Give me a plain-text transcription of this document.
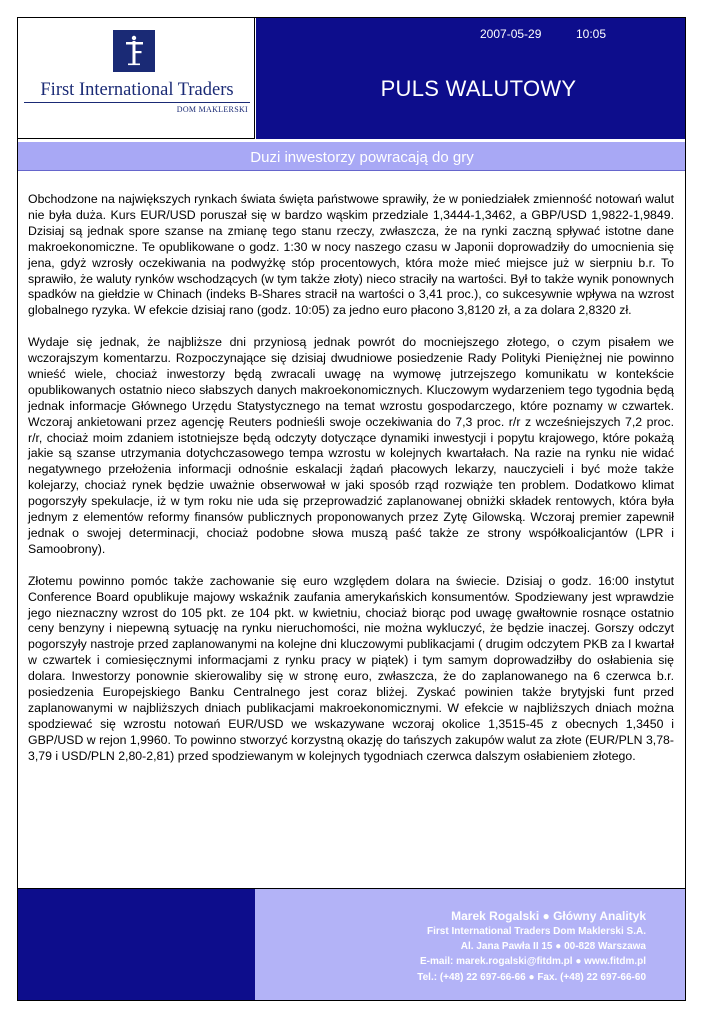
First International Traders
DOM MAKLERSKI
2007-05-29	10:05
PULS WALUTOWY
Duzi inwestorzy powracają do gry

Obchodzone na największych rynkach świata święta państwowe sprawiły, że w poniedziałek zmienność notowań walut nie była duża. Kurs EUR/USD poruszał się w bardzo wąskim przedziale 1,3444-1,3462, a GBP/USD 1,9822-1,9849. Dzisiaj są jednak spore szanse na zmianę tego stanu rzeczy, zwłaszcza, że na rynki zaczną spływać istotne dane makroekonomiczne. Te opublikowane o godz. 1:30 w nocy naszego czasu w Japonii doprowadziły do umocnienia się jena, gdyż wzrosły oczekiwania na podwyżkę stóp procentowych, która może mieć miejsce już w sierpniu b.r. To sprawiło, że waluty rynków wschodzących (w tym także złoty) nieco straciły na wartości. Był to także wynik ponownych spadków na giełdzie w Chinach (indeks B-Shares stracił na wartości o 3,41 proc.), co sukcesywnie wpływa na wzrost globalnego ryzyka. W efekcie dzisiaj rano (godz. 10:05) za jedno euro płacono 3,8120 zł, a za dolara 2,8320 zł.

Wydaje się jednak, że najbliższe dni przyniosą jednak powrót do mocniejszego złotego, o czym pisałem we wczorajszym komentarzu. Rozpoczynające się dzisiaj dwudniowe posiedzenie Rady Polityki Pieniężnej nie powinno wnieść wiele, chociaż inwestorzy będą zwracali uwagę na wymowę jutrzejszego komunikatu w kontekście opublikowanych ostatnio nieco słabszych danych makroekonomicznych. Kluczowym wydarzeniem tego tygodnia będą jednak informacje Głównego Urzędu Statystycznego na temat wzrostu gospodarczego, które poznamy w czwartek. Wczoraj ankietowani przez agencję Reuters podnieśli swoje oczekiwania do 7,3 proc. r/r z wcześniejszych 7,2 proc. r/r, chociaż moim zdaniem istotniejsze będą odczyty dotyczące dynamiki inwestycji i popytu krajowego, które pokażą jakie są szanse utrzymania dotychczasowego tempa wzrostu w kolejnych kwartałach. Na razie na rynku nie widać negatywnego przełożenia informacji odnośnie eskalacji żądań płacowych lekarzy, nauczycieli i być może także kolejarzy, chociaż rynek będzie uważnie obserwował w jaki sposób rząd rozwiąże ten problem. Dodatkowo klimat pogorszyły spekulacje, iż w tym roku nie uda się przeprowadzić zaplanowanej obniżki składek rentowych, która była jednym z elementów reformy finansów publicznych proponowanych przez Zytę Gilowską. Wczoraj premier zapewnił jednak o swojej determinacji, chociaż podobne słowa muszą paść także ze strony współkoalicjantów (LPR i Samoobrony).

Złotemu powinno pomóc także zachowanie się euro względem dolara na świecie. Dzisiaj o godz. 16:00 instytut Conference Board opublikuje majowy wskaźnik zaufania amerykańskich konsumentów. Spodziewany jest wprawdzie jego nieznaczny wzrost do 105 pkt. ze 104 pkt. w kwietniu, chociaż biorąc pod uwagę gwałtownie rosnące ostatnio ceny benzyny i niepewną sytuację na rynku nieruchomości, nie można wykluczyć, że będzie inaczej. Gorszy odczyt pogorszyły nastroje przed zaplanowanymi na kolejne dni kluczowymi publikacjami ( drugim odczytem PKB za I kwartał w czwartek i comiesięcznymi informacjami z rynku pracy w piątek) i tym samym doprowadziłby do osłabienia się dolara. Inwestorzy ponownie skierowaliby się w stronę euro, zwłaszcza, że do zaplanowanego na 6 czerwca b.r. posiedzenia Europejskiego Banku Centralnego jest coraz bliżej. Zyskać powinien także brytyjski funt przed zaplanowanymi w najbliższych dniach publikacjami makroekonomicznymi. W efekcie w najbliższych dniach można spodziewać się wzrostu notowań EUR/USD we wskazywane wczoraj okolice 1,3515-45 z obecnych 1,3450 i GBP/USD w rejon 1,9960. To powinno stworzyć korzystną okazję do tańszych zakupów walut za złote (EUR/PLN 3,78-3,79 i USD/PLN 2,80-2,81) przed spodziewanym w kolejnych tygodniach czerwca dalszym osłabieniem złotego.

Marek Rogalski ● Główny Analityk
First International Traders Dom Maklerski S.A.
Al. Jana Pawła II 15 ● 00-828 Warszawa
E-mail: marek.rogalski@fitdm.pl ● www.fitdm.pl
Tel.: (+48) 22 697-66-66 ● Fax. (+48) 22 697-66-60
